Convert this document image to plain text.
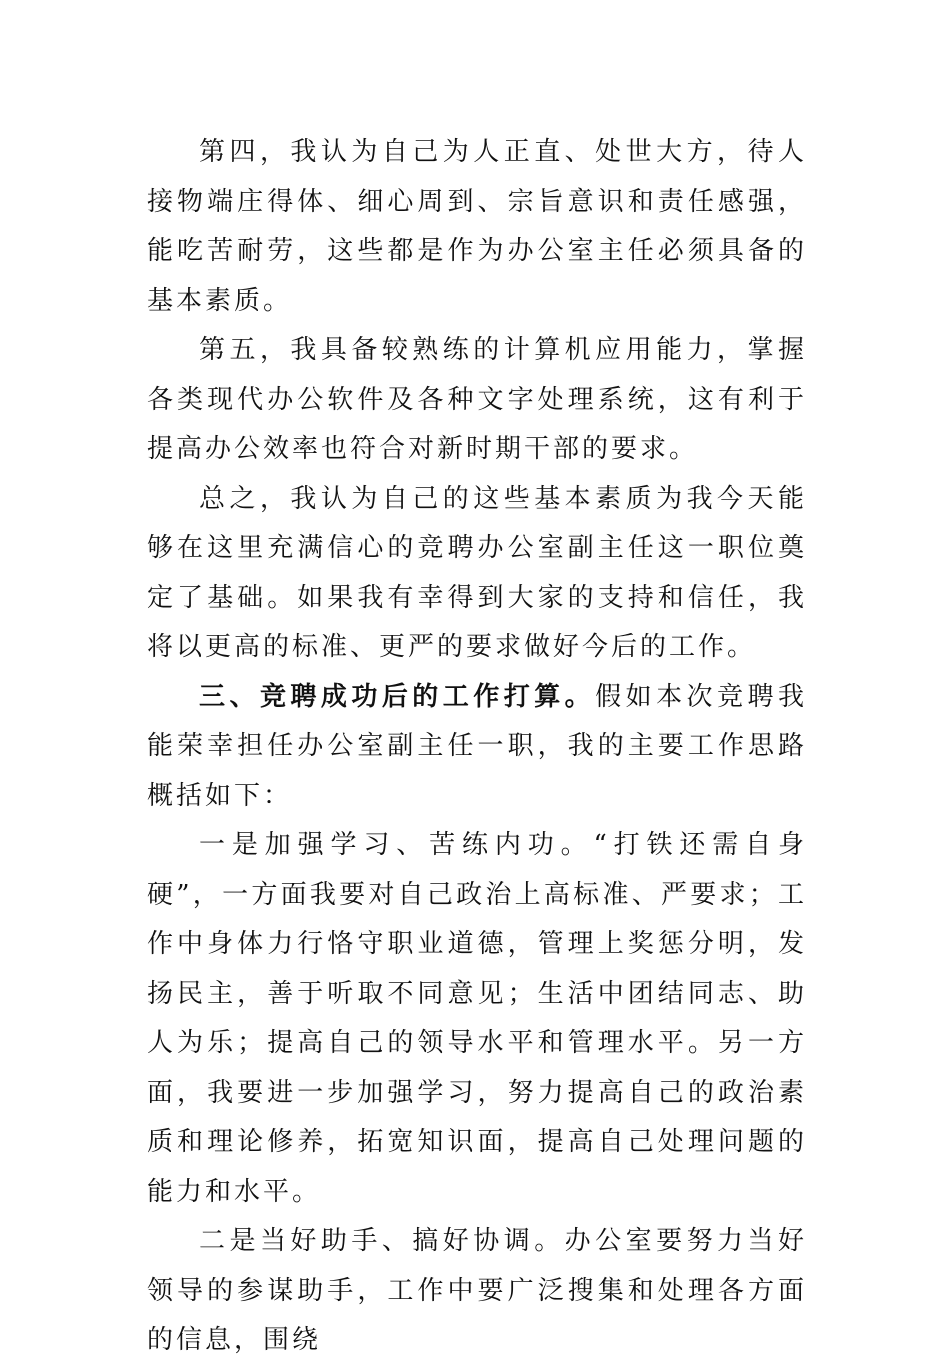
第四，我认为自己为人正直、处世大方，待人接物端庄得体、细心周到、宗旨意识和责任感强，能吃苦耐劳，这些都是作为办公室主任必须具备的基本素质。

第五，我具备较熟练的计算机应用能力，掌握各类现代办公软件及各种文字处理系统，这有利于提高办公效率也符合对新时期干部的要求。

总之，我认为自己的这些基本素质为我今天能够在这里充满信心的竞聘办公室副主任这一职位奠定了基础。如果我有幸得到大家的支持和信任，我将以更高的标准、更严的要求做好今后的工作。

三、竞聘成功后的工作打算。假如本次竞聘我能荣幸担任办公室副主任一职，我的主要工作思路概括如下：

一是加强学习、苦练内功。“打铁还需自身硬”，一方面我要对自己政治上高标准、严要求；工作中身体力行恪守职业道德，管理上奖惩分明，发扬民主，善于听取不同意见；生活中团结同志、助人为乐；提高自己的领导水平和管理水平。另一方面，我要进一步加强学习，努力提高自己的政治素质和理论修养，拓宽知识面，提高自己处理问题的能力和水平。

二是当好助手、搞好协调。办公室要努力当好领导的参谋助手，工作中要广泛搜集和处理各方面的信息，围绕
